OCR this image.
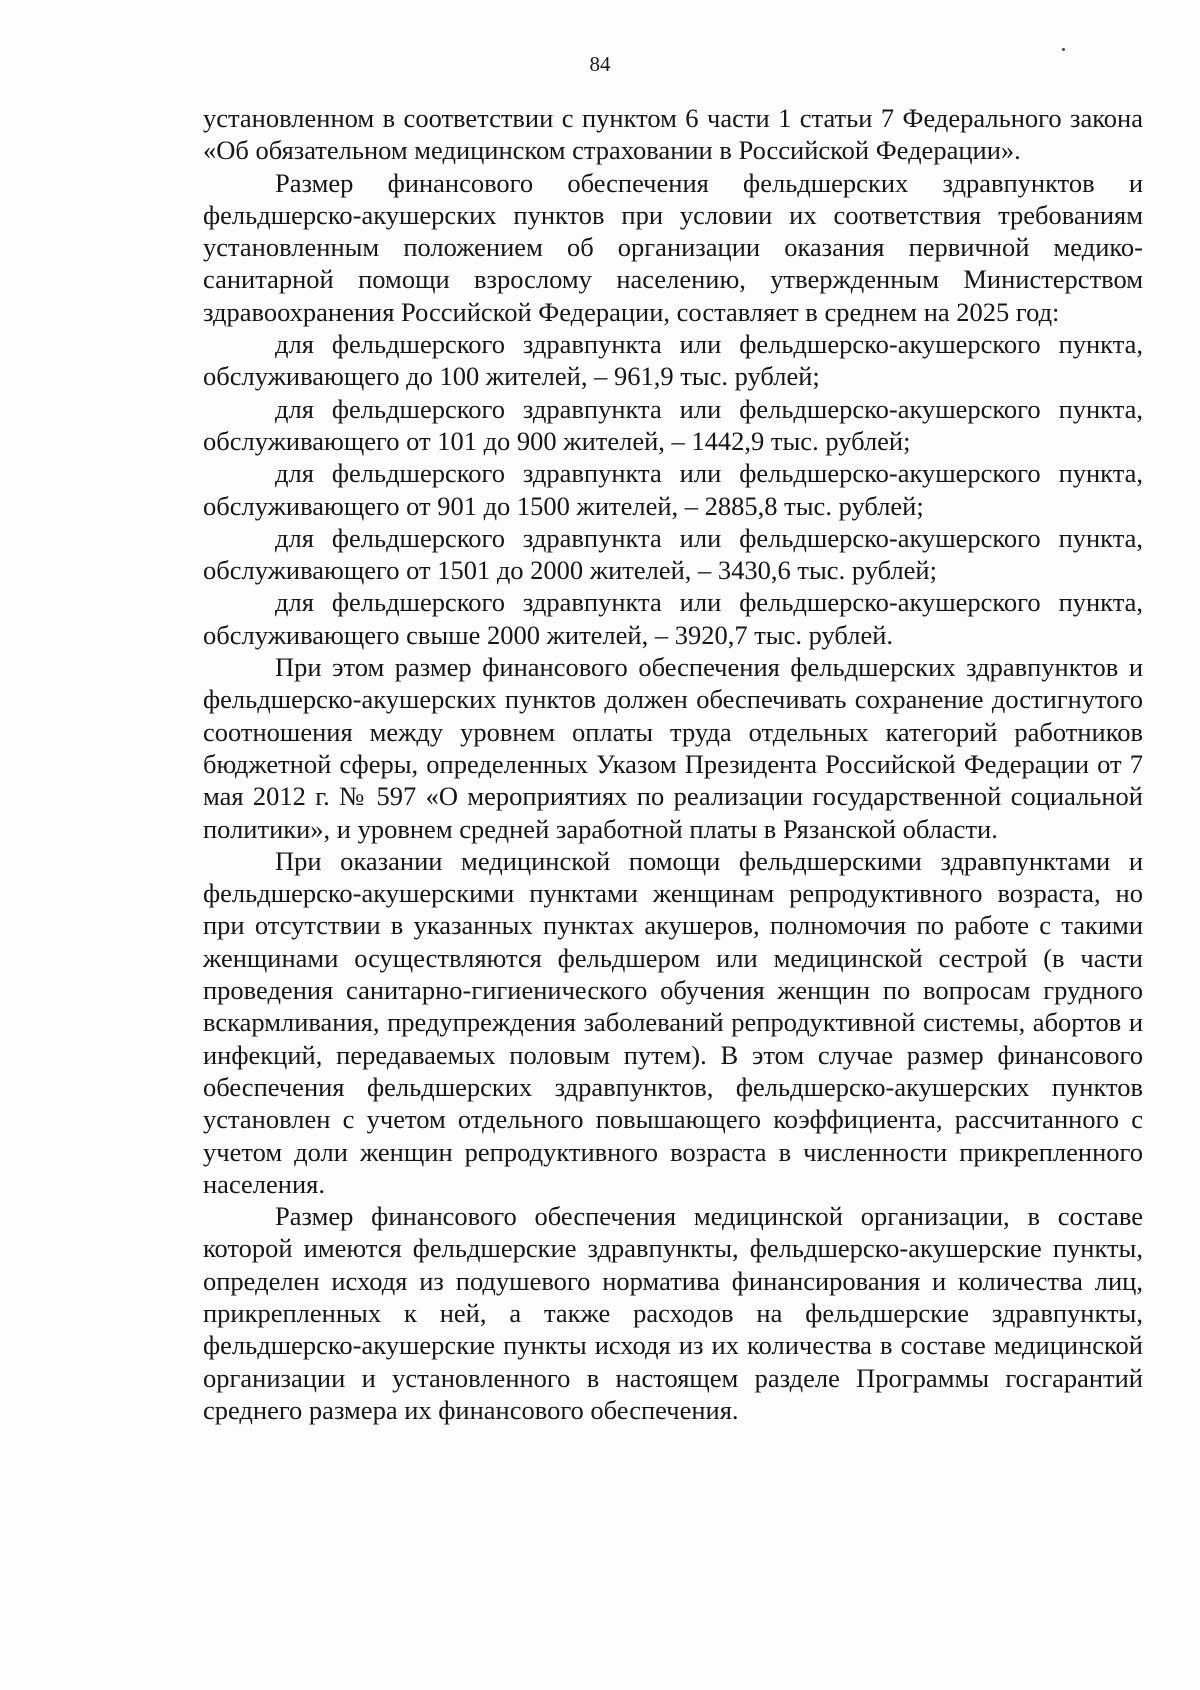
84

установленном в соответствии с пунктом 6 части 1 статьи 7 Федерального закона «Об обязательном медицинском страховании в Российской Федерации».

Размер финансового обеспечения фельдшерских здравпунктов и фельдшерско-акушерских пунктов при условии их соответствия требованиям установленным положением об организации оказания первичной медико-санитарной помощи взрослому населению, утвержденным Министерством здравоохранения Российской Федерации, составляет в среднем на 2025 год:

для фельдшерского здравпункта или фельдшерско-акушерского пункта, обслуживающего до 100 жителей, – 961,9 тыс. рублей;

для фельдшерского здравпункта или фельдшерско-акушерского пункта, обслуживающего от 101 до 900 жителей, – 1442,9 тыс. рублей;

для фельдшерского здравпункта или фельдшерско-акушерского пункта, обслуживающего от 901 до 1500 жителей, – 2885,8 тыс. рублей;

для фельдшерского здравпункта или фельдшерско-акушерского пункта, обслуживающего от 1501 до 2000 жителей, – 3430,6 тыс. рублей;

для фельдшерского здравпункта или фельдшерско-акушерского пункта, обслуживающего свыше 2000 жителей, – 3920,7 тыс. рублей.

При этом размер финансового обеспечения фельдшерских здравпунктов и фельдшерско-акушерских пунктов должен обеспечивать сохранение достигнутого соотношения между уровнем оплаты труда отдельных категорий работников бюджетной сферы, определенных Указом Президента Российской Федерации от 7 мая 2012 г. № 597 «О мероприятиях по реализации государственной социальной политики», и уровнем средней заработной платы в Рязанской области.

При оказании медицинской помощи фельдшерскими здравпунктами и фельдшерско-акушерскими пунктами женщинам репродуктивного возраста, но при отсутствии в указанных пунктах акушеров, полномочия по работе с такими женщинами осуществляются фельдшером или медицинской сестрой (в части проведения санитарно-гигиенического обучения женщин по вопросам грудного вскармливания, предупреждения заболеваний репродуктивной системы, абортов и инфекций, передаваемых половым путем). В этом случае размер финансового обеспечения фельдшерских здравпунктов, фельдшерско-акушерских пунктов установлен с учетом отдельного повышающего коэффициента, рассчитанного с учетом доли женщин репродуктивного возраста в численности прикрепленного населения.

Размер финансового обеспечения медицинской организации, в составе которой имеются фельдшерские здравпункты, фельдшерско-акушерские пункты, определен исходя из подушевого норматива финансирования и количества лиц, прикрепленных к ней, а также расходов на фельдшерские здравпункты, фельдшерско-акушерские пункты исходя из их количества в составе медицинской организации и установленного в настоящем разделе Программы госгарантий среднего размера их финансового обеспечения.
